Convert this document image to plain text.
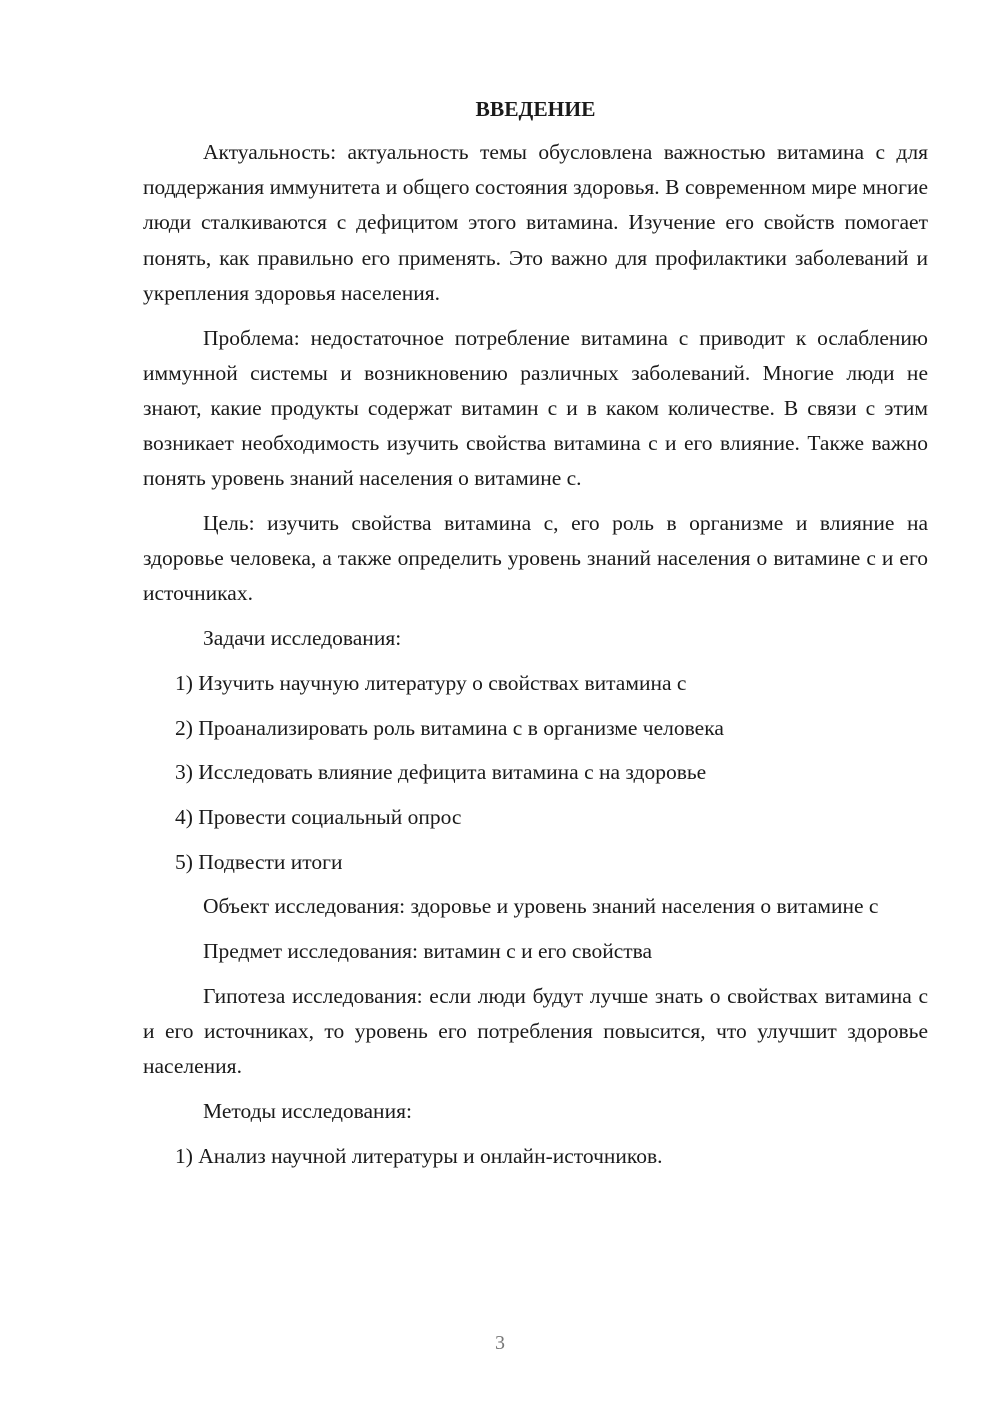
ВВЕДЕНИЕ

Актуальность: актуальность темы обусловлена важностью витамина с для поддержания иммунитета и общего состояния здоровья. В современном мире многие люди сталкиваются с дефицитом этого витамина. Изучение его свойств помогает понять, как правильно его применять. Это важно для профилактики заболеваний и укрепления здоровья населения.

Проблема: недостаточное потребление витамина с приводит к ослаблению иммунной системы и возникновению различных заболеваний. Многие люди не знают, какие продукты содержат витамин с и в каком количестве. В связи с этим возникает необходимость изучить свойства витамина с и его влияние. Также важно понять уровень знаний населения о витамине с.

Цель: изучить свойства витамина с, его роль в организме и влияние на здоровье человека, а также определить уровень знаний населения о витамине с и его источниках.

Задачи исследования:

1) Изучить научную литературу о свойствах витамина с
2) Проанализировать роль витамина с в организме человека
3) Исследовать влияние дефицита витамина с на здоровье
4) Провести социальный опрос
5) Подвести итоги

Объект исследования: здоровье и уровень знаний населения о витамине с

Предмет исследования: витамин с и его свойства

Гипотеза исследования: если люди будут лучше знать о свойствах витамина с и его источниках, то уровень его потребления повысится, что улучшит здоровье населения.

Методы исследования:

1) Анализ научной литературы и онлайн-источников.
3
